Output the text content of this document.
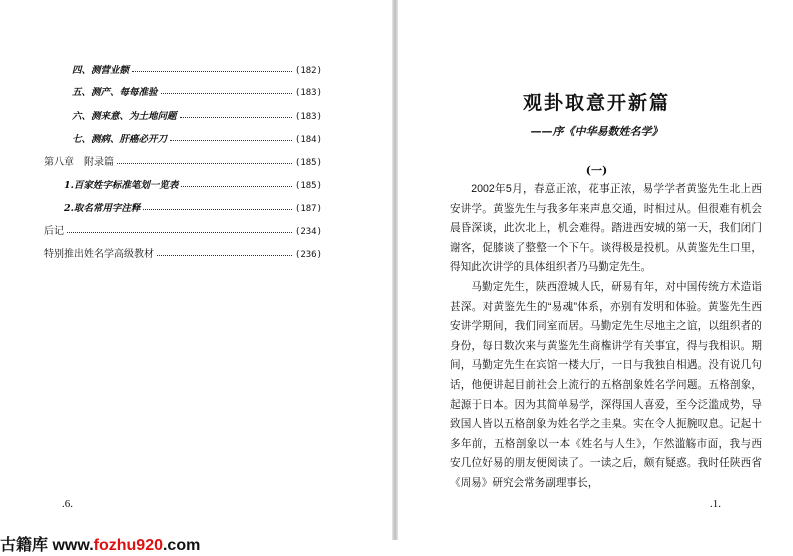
四、测营业额	(182)
五、测产、每每准验	(183)
六、测来意、为土地问题	(183)
七、测病、肝癌必开刀	(184)
第八章　附录篇	(185)
1.百家姓字标准笔划一览表	(185)
2.取名常用字注释	(187)
后记	(234)
特别推出姓名学高级教材	(236)
.6.
观卦取意开新篇
——序《中华易数姓名学》
(一)

2002年5月，春意正浓，花事正浓，易学学者黄鉴先生北上西安讲学。黄鉴先生与我多年来声息交通，时相过从。但很难有机会晨昏深谈，此次北上，机会难得。踏进西安城的第一天，我们闭门谢客，促膝谈了整整一个下午。谈得极是投机。从黄鉴先生口里，得知此次讲学的具体组织者乃马勤定先生。

马勤定先生，陕西澄城人氏，研易有年，对中国传统方术造诣甚深。对黄鉴先生的“易魂”体系，亦别有发明和体验。黄鉴先生西安讲学期间，我们同室而居。马勤定先生尽地主之谊，以组织者的身份，每日数次来与黄鉴先生商権讲学有关事宜，得与我相识。期间，马勤定先生在宾馆一楼大厅，一日与我独自相遇。没有说几句话，他便讲起目前社会上流行的五格剖象姓名学问题。五格剖象，起源于日本。因为其简单易学，深得国人喜爱，至今泛滥成势，导致国人皆以五格剖象为姓名学之圭臬。实在令人扼腕叹息。记起十多年前，五格剖象以一本《姓名与人生》，乍然滥觞市面，我与西安几位好易的朋友便阅读了。一读之后，颇有疑惑。我时任陕西省《周易》研究会常务副理事长，

.1.
古籍库 www.fozhu920.com
